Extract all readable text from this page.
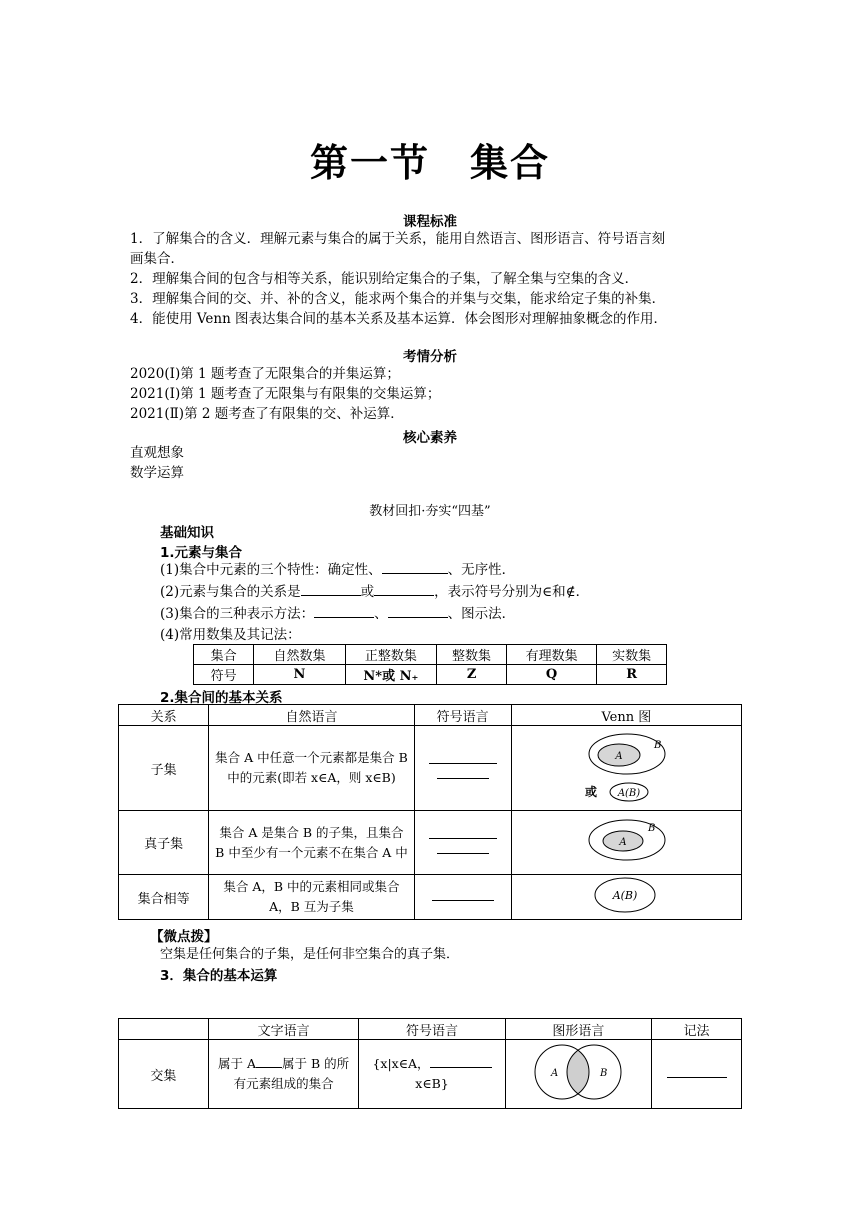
第一节　集合
课程标准
1．了解集合的含义．理解元素与集合的属于关系，能用自然语言、图形语言、符号语言刻
画集合．
2．理解集合间的包含与相等关系，能识别给定集合的子集，了解全集与空集的含义．
3．理解集合间的交、并、补的含义，能求两个集合的并集与交集，能求给定子集的补集．
4．能使用 Venn 图表达集合间的基本关系及基本运算．体会图形对理解抽象概念的作用．
考情分析
2020(Ⅰ)第 1 题考查了无限集合的并集运算；
2021(Ⅰ)第 1 题考查了无限集与有限集的交集运算；
2021(Ⅱ)第 2 题考查了有限集的交、补运算．
核心素养
直观想象
数学运算
教材回扣·夯实“四基”
基础知识
1.元素与集合
(1)集合中元素的三个特性：确定性、	、无序性．
(2)元素与集合的关系是	或	，表示符号分别为∈和∉．
(3)集合的三种表示方法：	、	、图示法．
(4)常用数集及其记法：
集合	自然数集	正整数集	整数集	有理数集	实数集
符号	N	N*或 N₊	Z	Q	R
2.集合间的基本关系
关系	自然语言	符号语言	Venn 图
子集	集合 A 中任意一个元素都是集合 B 中的元素(即若 x∈A，则 x∈B)		A
B
或 A(B)

真子集	集合 A 是集合 B 的子集，且集合 B 中至少有一个元素不在集合 A 中		A
B

集合相等	集合 A，B 中的元素相同或集合 A，B 互为子集		A(B)
【微点拨】
空集是任何集合的子集，是任何非空集合的真子集．
3．集合的基本运算
	文字语言	符号语言	图形语言	记法
交集	属于 A 属于 B 的所有元素组成的集合	{x|x∈A，
x∈B}	A B	
